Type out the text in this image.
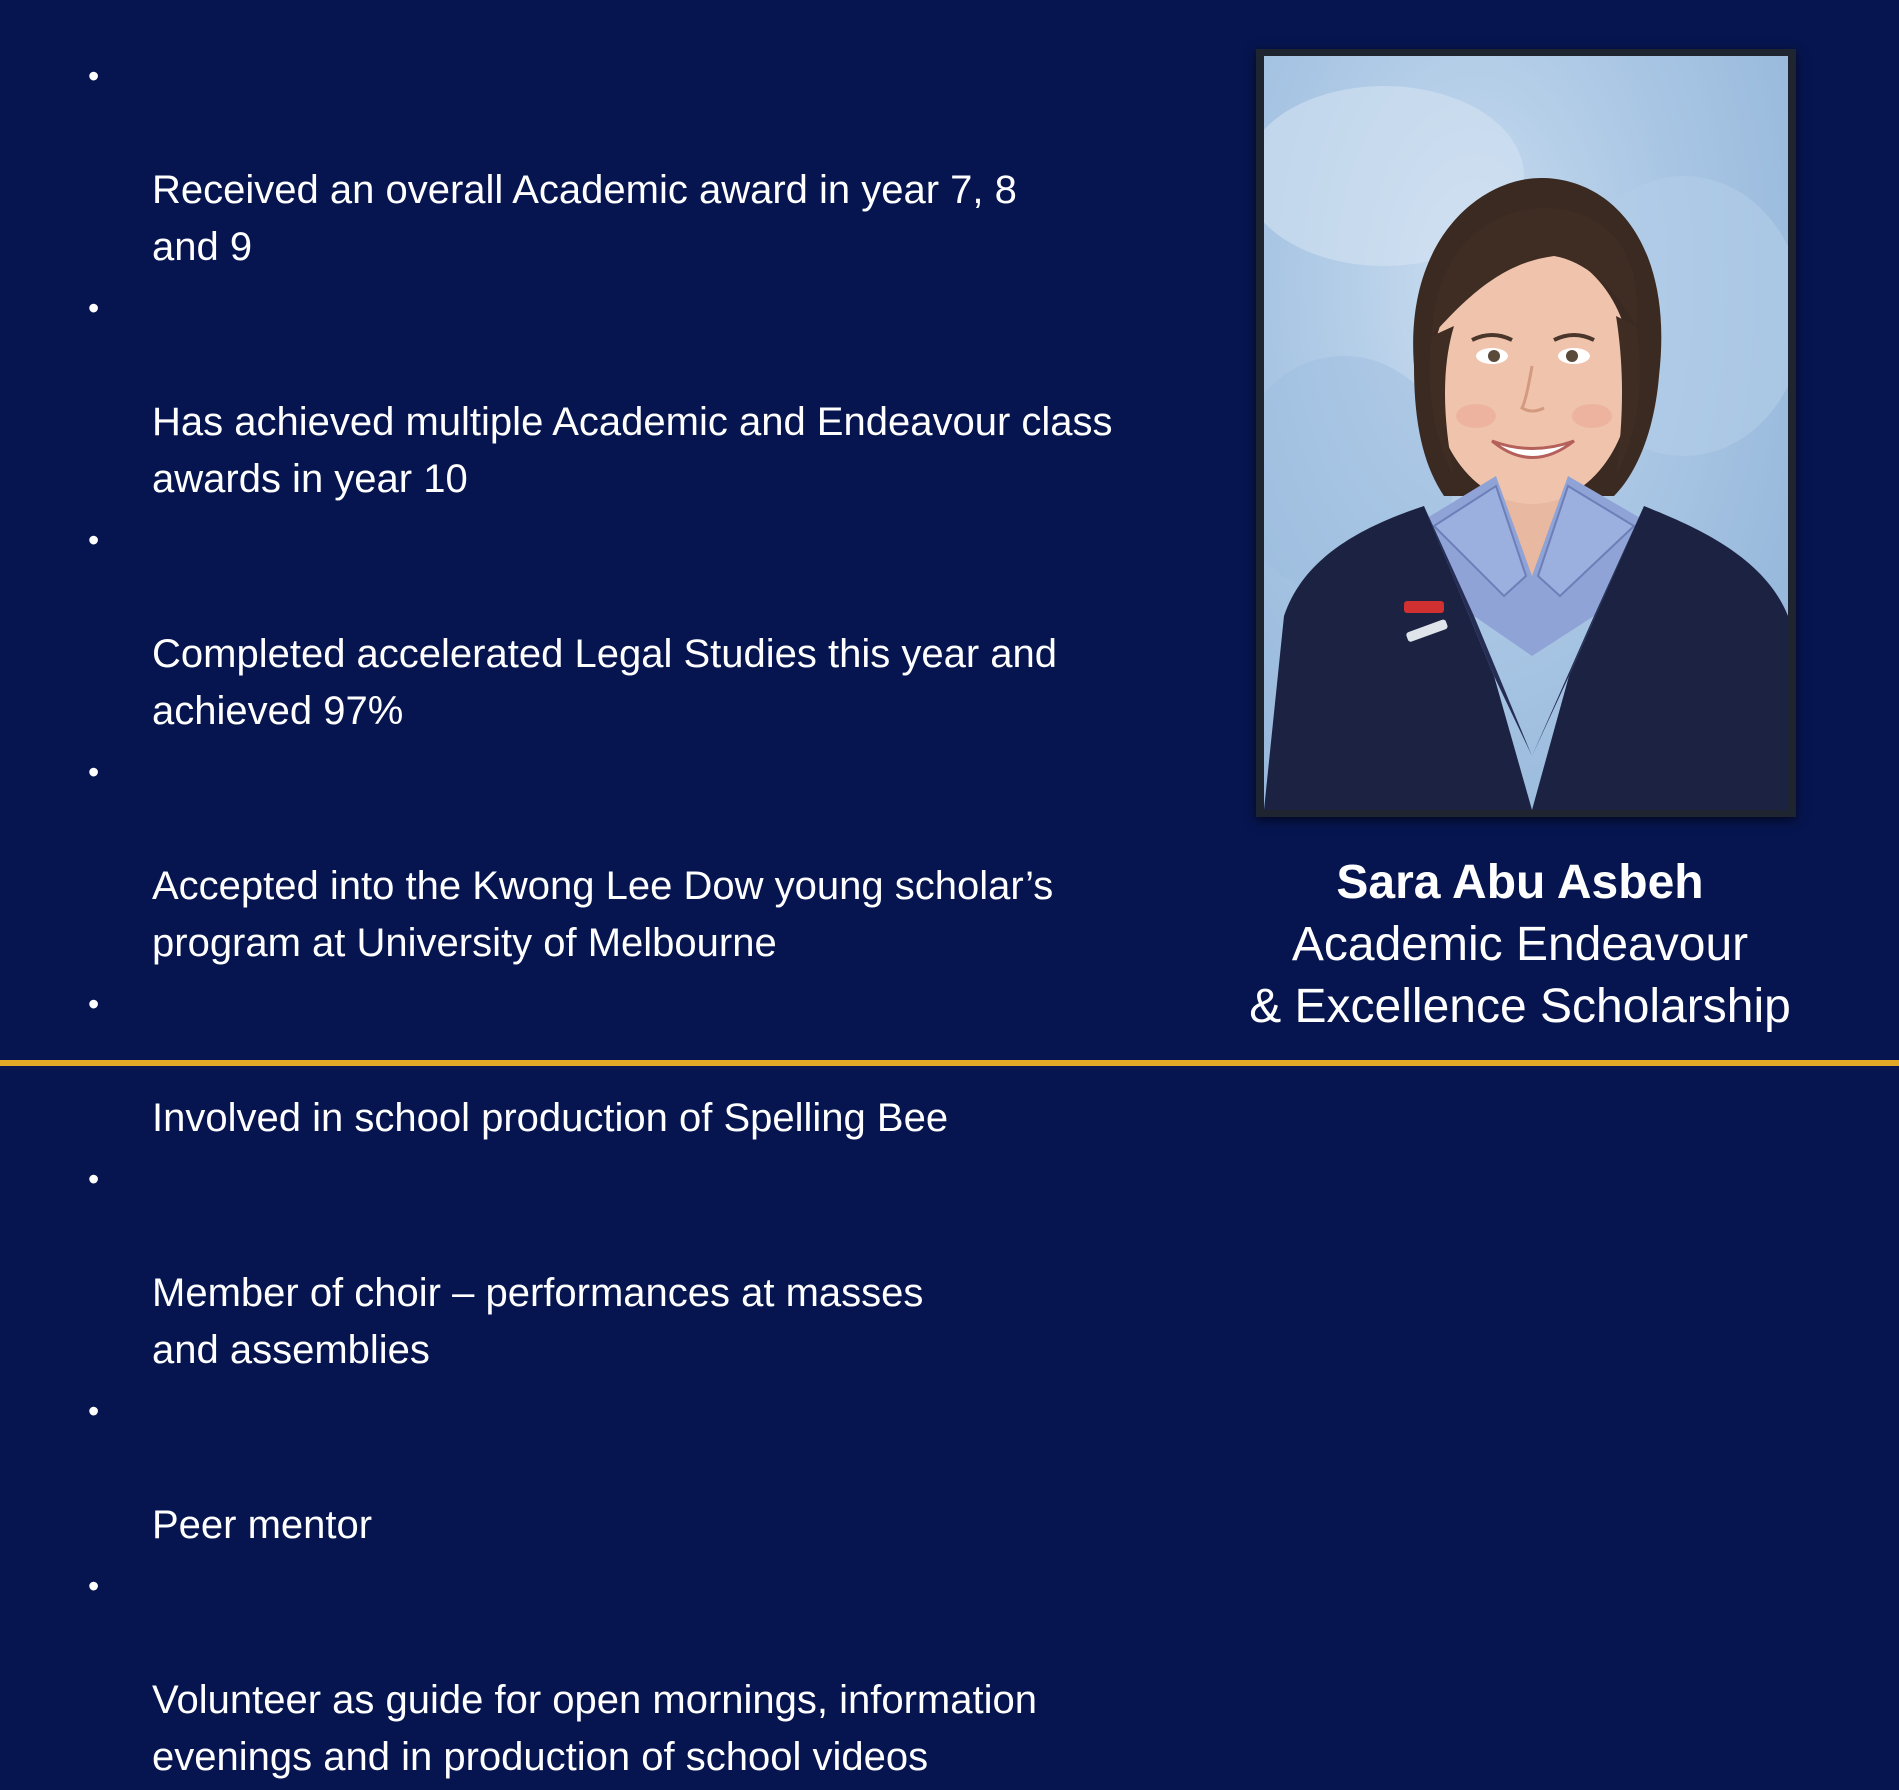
•

Received an overall Academic award in year 7, 8
and 9

•

Has achieved multiple Academic and Endeavour class
awards in year 10

•

Completed accelerated Legal Studies this year and
achieved 97%

•

Accepted into the Kwong Lee Dow young scholar’s
program at University of Melbourne

•

Involved in school production of Spelling Bee

•

Member of choir – performances at masses
and assemblies

•

Peer mentor

•

Volunteer as guide for open mornings, information
evenings and in production of school videos

Sara Abu Asbeh
Academic Endeavour
& Excellence Scholarship
